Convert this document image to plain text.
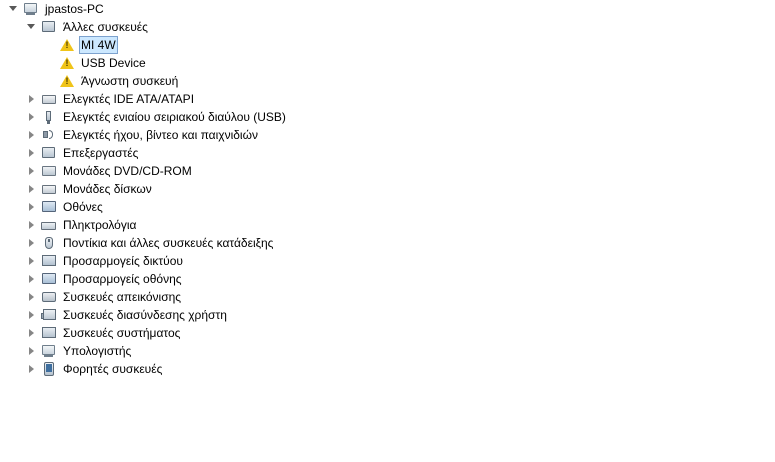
jpastos-PC
Άλλες συσκευές
!
MI 4W
!
USB Device
!
Άγνωστη συσκευή
Ελεγκτές IDE ATA/ATAPI
Ελεγκτές ενιαίου σειριακού διαύλου (USB)
Ελεγκτές ήχου, βίντεο και παιχνιδιών
Επεξεργαστές
Μονάδες DVD/CD-ROM
Μονάδες δίσκων
Οθόνες
Πληκτρολόγια
Ποντίκια και άλλες συσκευές κατάδειξης
Προσαρμογείς δικτύου
Προσαρμογείς οθόνης
Συσκευές απεικόνισης
Συσκευές διασύνδεσης χρήστη
Συσκευές συστήματος
Υπολογιστής
Φορητές συσκευές
